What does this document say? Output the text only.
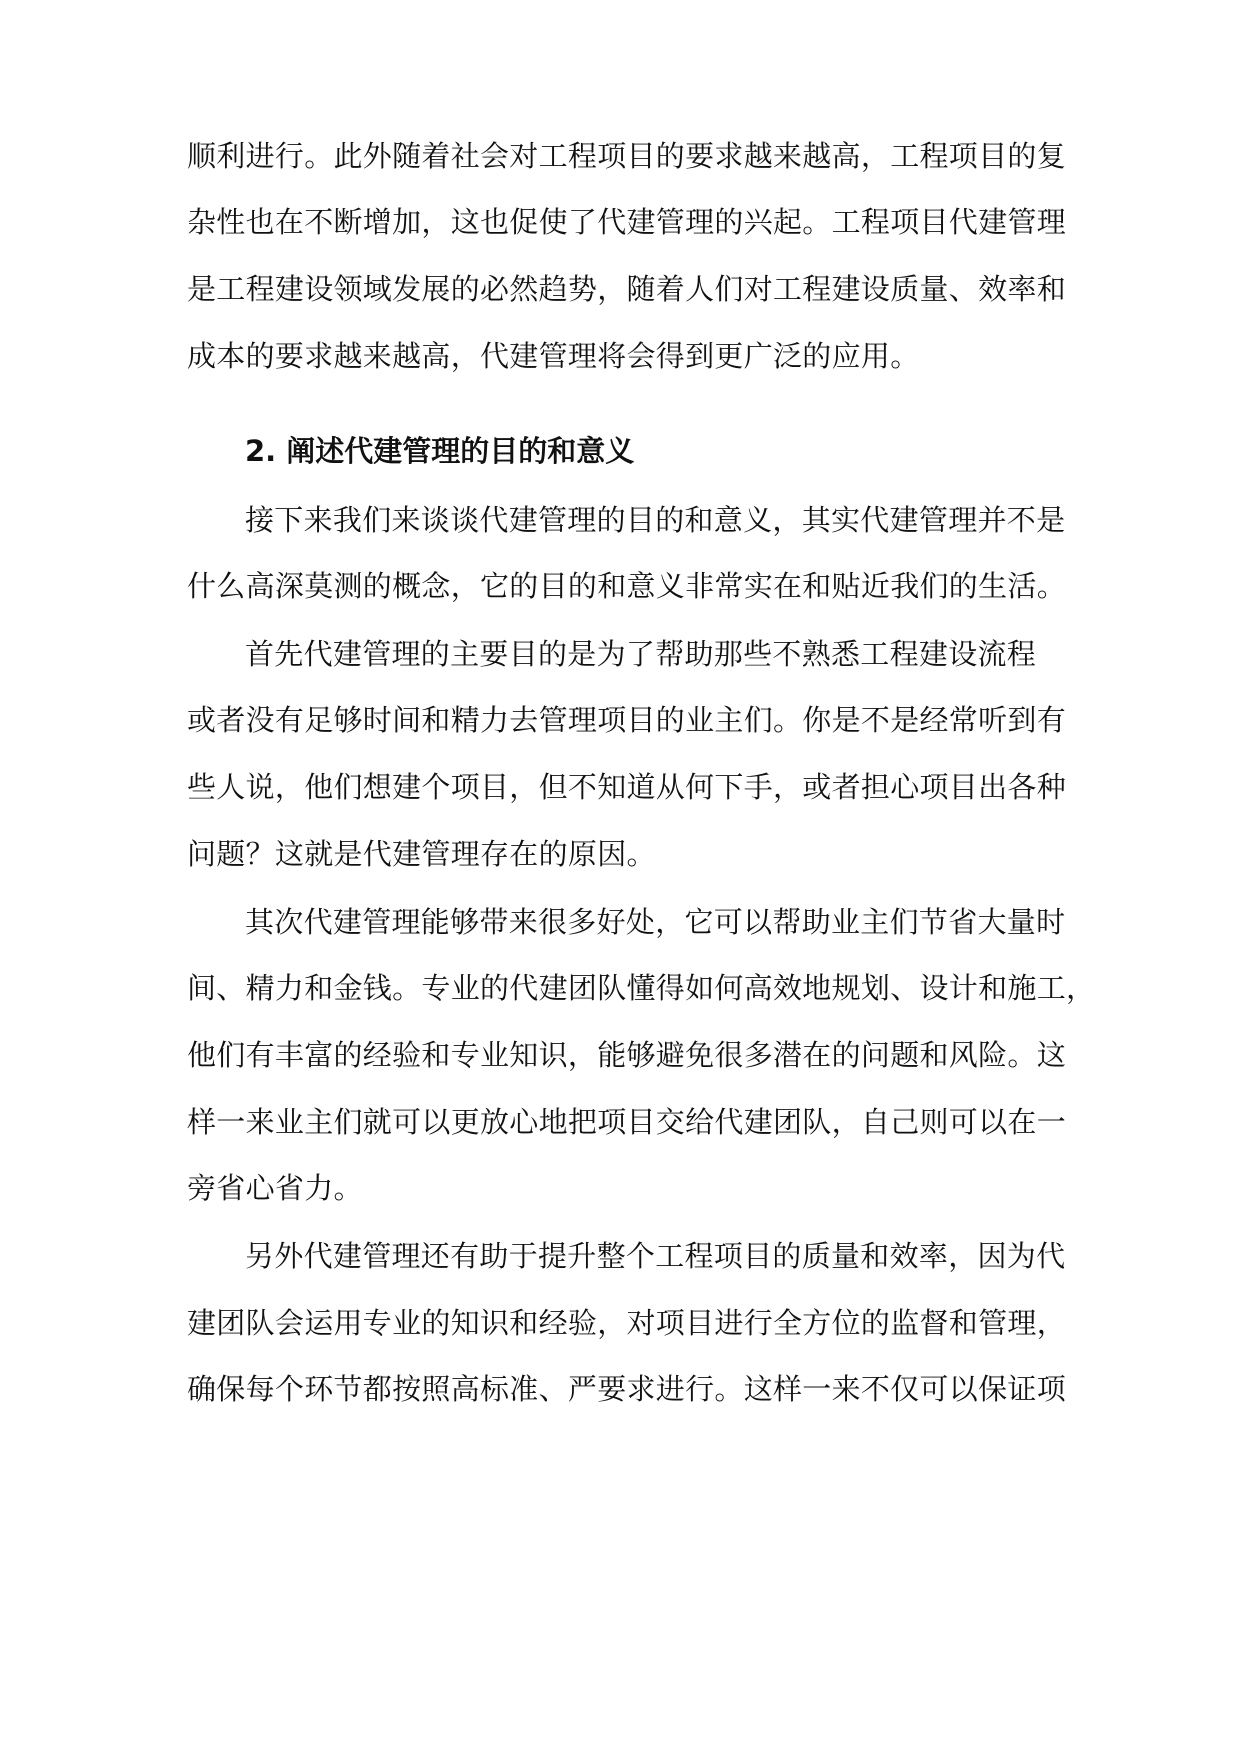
顺利进行。此外随着社会对工程项目的要求越来越高，工程项目的复
杂性也在不断增加，这也促使了代建管理的兴起。工程项目代建管理
是工程建设领域发展的必然趋势，随着人们对工程建设质量、效率和
成本的要求越来越高，代建管理将会得到更广泛的应用。
2. 阐述代建管理的目的和意义
接下来我们来谈谈代建管理的目的和意义，其实代建管理并不是
什么高深莫测的概念，它的目的和意义非常实在和贴近我们的生活。
首先代建管理的主要目的是为了帮助那些不熟悉工程建设流程
或者没有足够时间和精力去管理项目的业主们。你是不是经常听到有
些人说，他们想建个项目，但不知道从何下手，或者担心项目出各种
问题？这就是代建管理存在的原因。
其次代建管理能够带来很多好处，它可以帮助业主们节省大量时
间、精力和金钱。专业的代建团队懂得如何高效地规划、设计和施工，
他们有丰富的经验和专业知识，能够避免很多潜在的问题和风险。这
样一来业主们就可以更放心地把项目交给代建团队，自己则可以在一
旁省心省力。
另外代建管理还有助于提升整个工程项目的质量和效率，因为代
建团队会运用专业的知识和经验，对项目进行全方位的监督和管理，
确保每个环节都按照高标准、严要求进行。这样一来不仅可以保证项
